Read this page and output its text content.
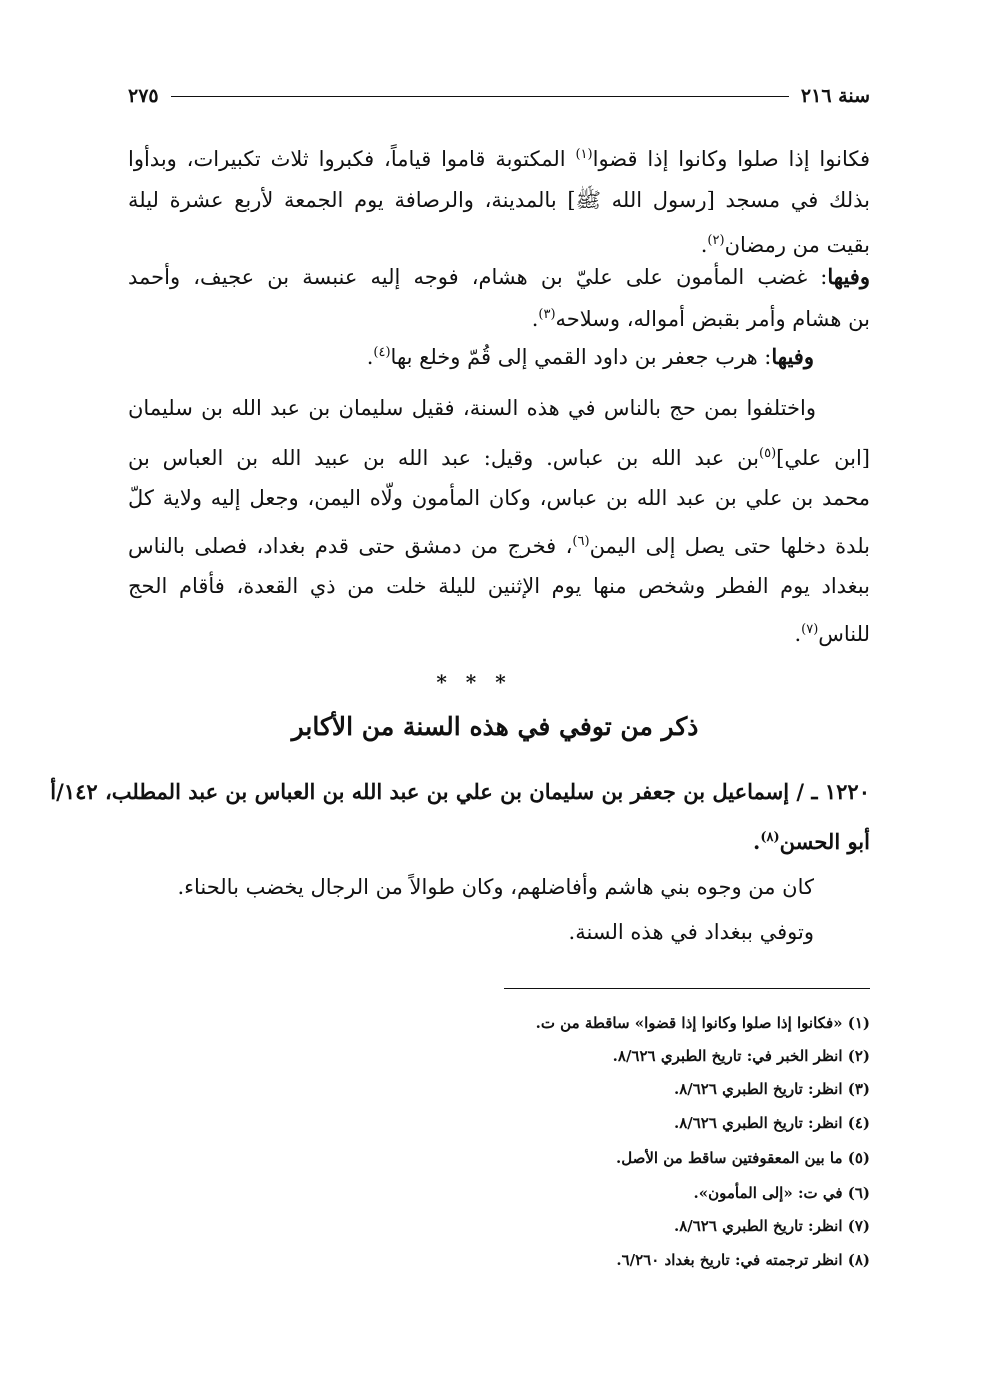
سنة ٢١٦
٢٧٥
فكانوا إذا صلوا وكانوا إذا قضوا$^{(١)}$ المكتوبة قاموا قياماً، فكبروا ثلاث تكبيرات، وبدأوا
بذلك في مسجد [رسول الله ﷺ] بالمدينة، والرصافة يوم الجمعة لأربع عشرة ليلة
بقيت من رمضان$^{(٢)}$.
وفيها: غضب المأمون على عليّ بن هشام، فوجه إليه عنبسة بن عجيف، وأحمد
بن هشام وأمر بقبض أمواله، وسلاحه$^{(٣)}$.
وفيها: هرب جعفر بن داود القمي إلى قُمّ وخلع بها$^{(٤)}$.
واختلفوا بمن حج بالناس في هذه السنة، فقيل سليمان بن عبد الله بن سليمان
[ابن علي]$^{(٥)}$بن عبد الله بن عباس. وقيل: عبد الله بن عبيد الله بن العباس بن
محمد بن علي بن عبد الله بن عباس، وكان المأمون ولّاه اليمن، وجعل إليه ولاية كلّ
بلدة دخلها حتى يصل إلى اليمن$^{(٦)}$، فخرج من دمشق حتى قدم بغداد، فصلى بالناس
ببغداد يوم الفطر وشخص منها يوم الإثنين لليلة خلت من ذي القعدة، فأقام الحج
للناس$^{(٧)}$.
* * *
ذكر من توفي في هذه السنة من الأكابر
١٢٢٠ ـ / إسماعيل بن جعفر بن سليمان بن علي بن عبد الله بن العباس بن عبد المطلب، ١٤٢/أ
أبو الحسن$^{(٨)}$.
كان من وجوه بني هاشم وأفاضلهم، وكان طوالاً من الرجال يخضب بالحناء.
وتوفي ببغداد في هذه السنة.
(١) «فكانوا إذا صلوا وكانوا إذا قضوا» ساقطة من ت.
(٢) انظر الخبر في: تاريخ الطبري ٨/٦٢٦.
(٣) انظر: تاريخ الطبري ٨/٦٢٦.
(٤) انظر: تاريخ الطبري ٨/٦٢٦.
(٥) ما بين المعقوفتين ساقط من الأصل.
(٦) في ت: «إلى المأمون».
(٧) انظر: تاريخ الطبري ٨/٦٢٦.
(٨) انظر ترجمته في: تاريخ بغداد ٦/٢٦٠.
